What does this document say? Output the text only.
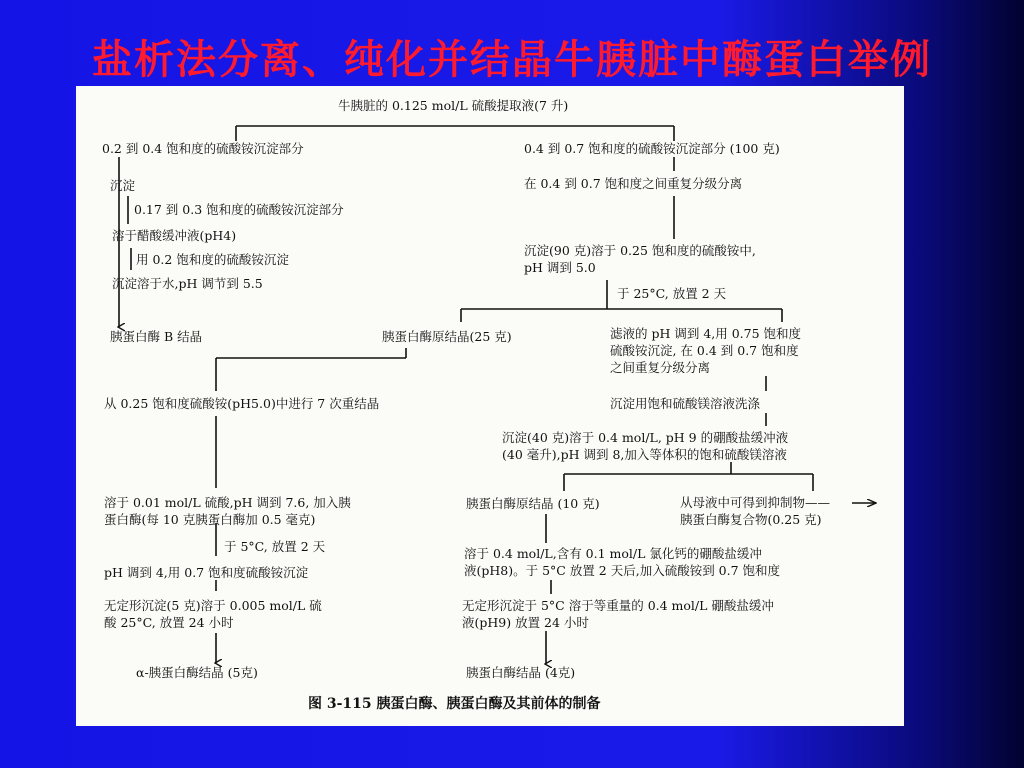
盐析法分离、纯化并结晶牛胰脏中酶蛋白举例
牛胰脏的 0.125 mol/L 硫酸提取液(7 升)
0.2 到 0.4 饱和度的硫酸铵沉淀部分
沉淀
0.17 到 0.3 饱和度的硫酸铵沉淀部分
溶于醋酸缓冲液(pH4)
用 0.2 饱和度的硫酸铵沉淀
沉淀溶于水,pH 调节到 5.5
胰蛋白酶 B 结晶
0.4 到 0.7 饱和度的硫酸铵沉淀部分 (100 克)
在 0.4 到 0.7 饱和度之间重复分级分离
沉淀(90 克)溶于 0.25 饱和度的硫酸铵中,
pH 调到 5.0
于 25°C, 放置 2 天
胰蛋白酶原结晶(25 克)	滤液的 pH 调到 4,用 0.75 饱和度
硫酸铵沉淀, 在 0.4 到 0.7 饱和度
之间重复分级分离
沉淀用饱和硫酸镁溶液洗涤
从 0.25 饱和度硫酸铵(pH5.0)中进行 7 次重结晶
沉淀(40 克)溶于 0.4 mol/L, pH 9 的硼酸盐缓冲液
(40 毫升),pH 调到 8,加入等体积的饱和硫酸镁溶液
溶于 0.01 mol/L 硫酸,pH 调到 7.6, 加入胰
蛋白酶(每 10 克胰蛋白酶加 0.5 毫克)
于 5°C, 放置 2 天
pH 调到 4,用 0.7 饱和度硫酸铵沉淀
无定形沉淀(5 克)溶于 0.005 mol/L 硫
酸 25°C, 放置 24 小时
α-胰蛋白酶结晶 (5克)
胰蛋白酶原结晶 (10 克)	从母液中可得到抑制物——
胰蛋白酶复合物(0.25 克)
溶于 0.4 mol/L,含有 0.1 mol/L 氯化钙的硼酸盐缓冲
液(pH8)。于 5°C 放置 2 天后,加入硫酸铵到 0.7 饱和度
无定形沉淀于 5°C 溶于等重量的 0.4 mol/L 硼酸盐缓冲
液(pH9) 放置 24 小时
胰蛋白酶结晶 (4克)
图 3-115 胰蛋白酶、胰蛋白酶及其前体的制备
